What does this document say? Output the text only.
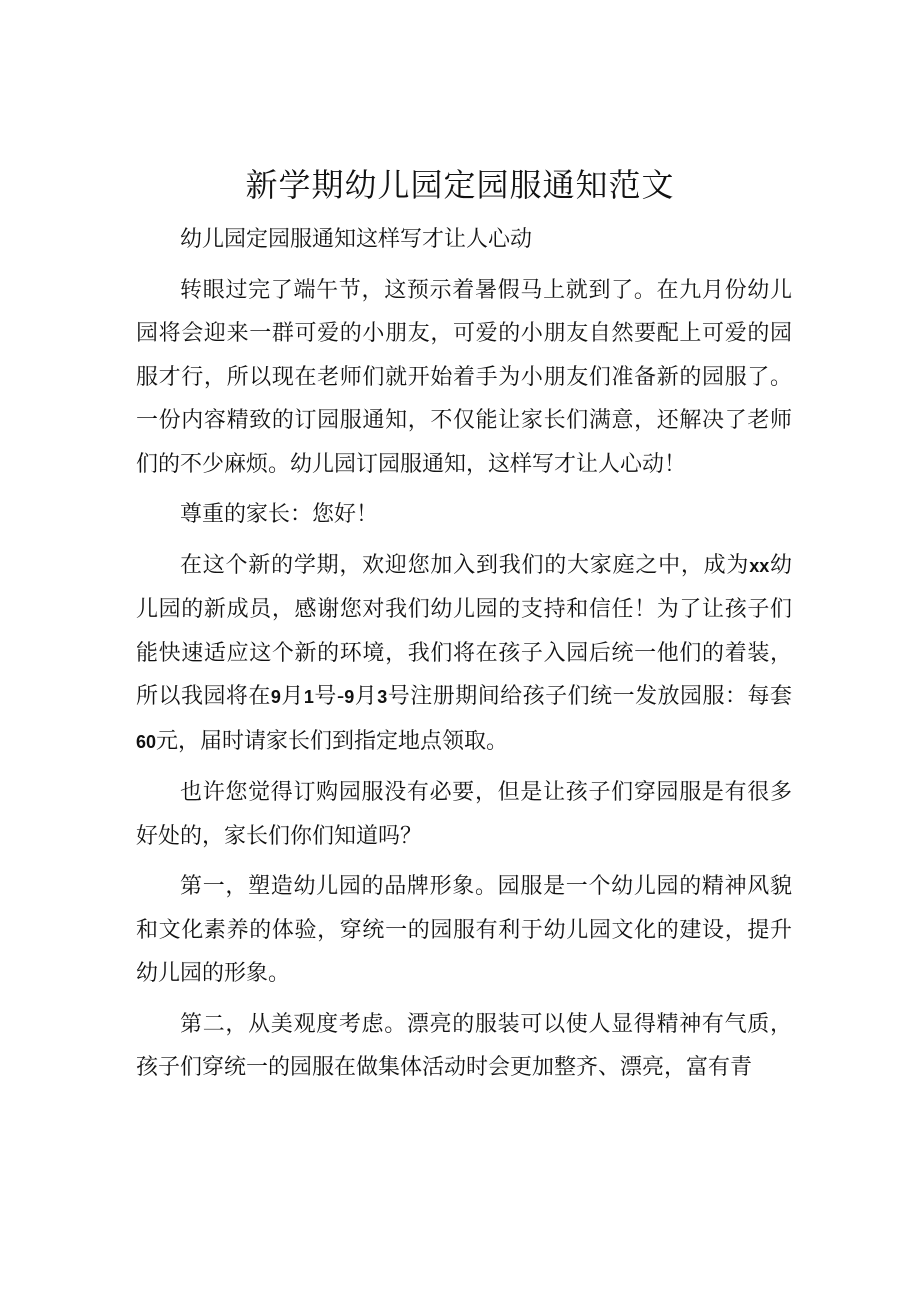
新学期幼儿园定园服通知范文

幼儿园定园服通知这样写才让人心动

转眼过完了端午节，这预示着暑假马上就到了。在九月份幼儿园将会迎来一群可爱的小朋友，可爱的小朋友自然要配上可爱的园服才行，所以现在老师们就开始着手为小朋友们准备新的园服了。一份内容精致的订园服通知，不仅能让家长们满意，还解决了老师们的不少麻烦。幼儿园订园服通知，这样写才让人心动！

尊重的家长：您好！

在这个新的学期，欢迎您加入到我们的大家庭之中，成为xx幼儿园的新成员，感谢您对我们幼儿园的支持和信任！为了让孩子们能快速适应这个新的环境，我们将在孩子入园后统一他们的着装，所以我园将在9月1号-9月3号注册期间给孩子们统一发放园服：每套60元，届时请家长们到指定地点领取。

也许您觉得订购园服没有必要，但是让孩子们穿园服是有很多好处的，家长们你们知道吗？

第一，塑造幼儿园的品牌形象。园服是一个幼儿园的精神风貌和文化素养的体验，穿统一的园服有利于幼儿园文化的建设，提升幼儿园的形象。

第二，从美观度考虑。漂亮的服装可以使人显得精神有气质，孩子们穿统一的园服在做集体活动时会更加整齐、漂亮，富有青
